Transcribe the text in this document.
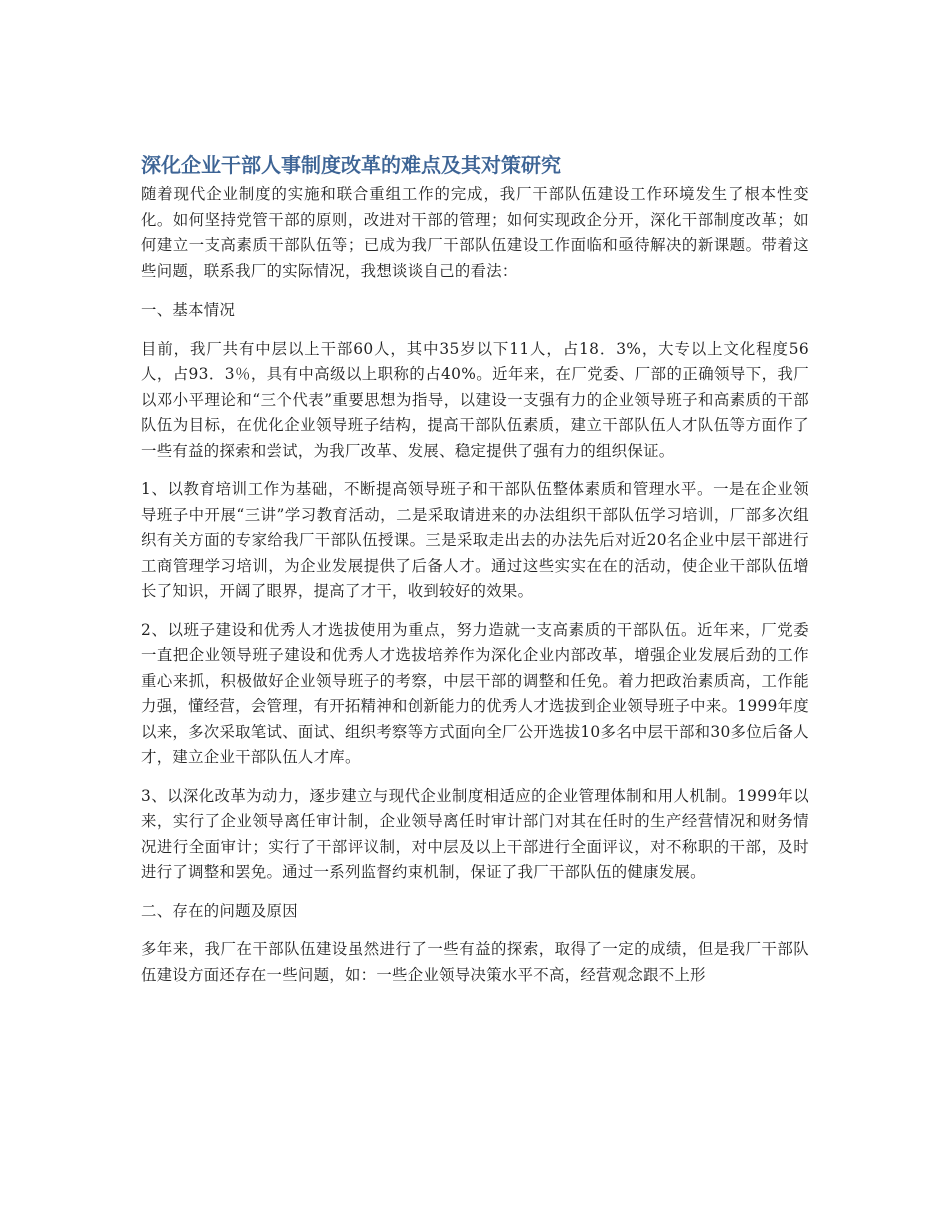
深化企业干部人事制度改革的难点及其对策研究

随着现代企业制度的实施和联合重组工作的完成，我厂干部队伍建设工作环境发生了根本性变化。如何坚持党管干部的原则，改进对干部的管理；如何实现政企分开，深化干部制度改革；如何建立一支高素质干部队伍等；已成为我厂干部队伍建设工作面临和亟待解决的新课题。带着这些问题，联系我厂的实际情况，我想谈谈自己的看法：

一、基本情况

目前，我厂共有中层以上干部60人，其中35岁以下11人，占18．3%，大专以上文化程度56人，占93．3％，具有中高级以上职称的占40%。近年来，在厂党委、厂部的正确领导下，我厂以邓小平理论和“三个代表”重要思想为指导，以建设一支强有力的企业领导班子和高素质的干部队伍为目标，在优化企业领导班子结构，提高干部队伍素质，建立干部队伍人才队伍等方面作了一些有益的探索和尝试，为我厂改革、发展、稳定提供了强有力的组织保证。

1、以教育培训工作为基础，不断提高领导班子和干部队伍整体素质和管理水平。一是在企业领导班子中开展“三讲”学习教育活动，二是采取请进来的办法组织干部队伍学习培训，厂部多次组织有关方面的专家给我厂干部队伍授课。三是采取走出去的办法先后对近20名企业中层干部进行工商管理学习培训，为企业发展提供了后备人才。通过这些实实在在的活动，使企业干部队伍增长了知识，开阔了眼界，提高了才干，收到较好的效果。

2、以班子建设和优秀人才选拔使用为重点，努力造就一支高素质的干部队伍。近年来，厂党委一直把企业领导班子建设和优秀人才选拔培养作为深化企业内部改革，增强企业发展后劲的工作重心来抓，积极做好企业领导班子的考察，中层干部的调整和任免。着力把政治素质高，工作能力强，懂经营，会管理，有开拓精神和创新能力的优秀人才选拔到企业领导班子中来。1999年度以来，多次采取笔试、面试、组织考察等方式面向全厂公开选拔10多名中层干部和30多位后备人才，建立企业干部队伍人才库。

3、以深化改革为动力，逐步建立与现代企业制度相适应的企业管理体制和用人机制。1999年以来，实行了企业领导离任审计制，企业领导离任时审计部门对其在任时的生产经营情况和财务情况进行全面审计；实行了干部评议制，对中层及以上干部进行全面评议，对不称职的干部，及时进行了调整和罢免。通过一系列监督约束机制，保证了我厂干部队伍的健康发展。

二、存在的问题及原因

多年来，我厂在干部队伍建设虽然进行了一些有益的探索，取得了一定的成绩，但是我厂干部队伍建设方面还存在一些问题，如：一些企业领导决策水平不高，经营观念跟不上形
